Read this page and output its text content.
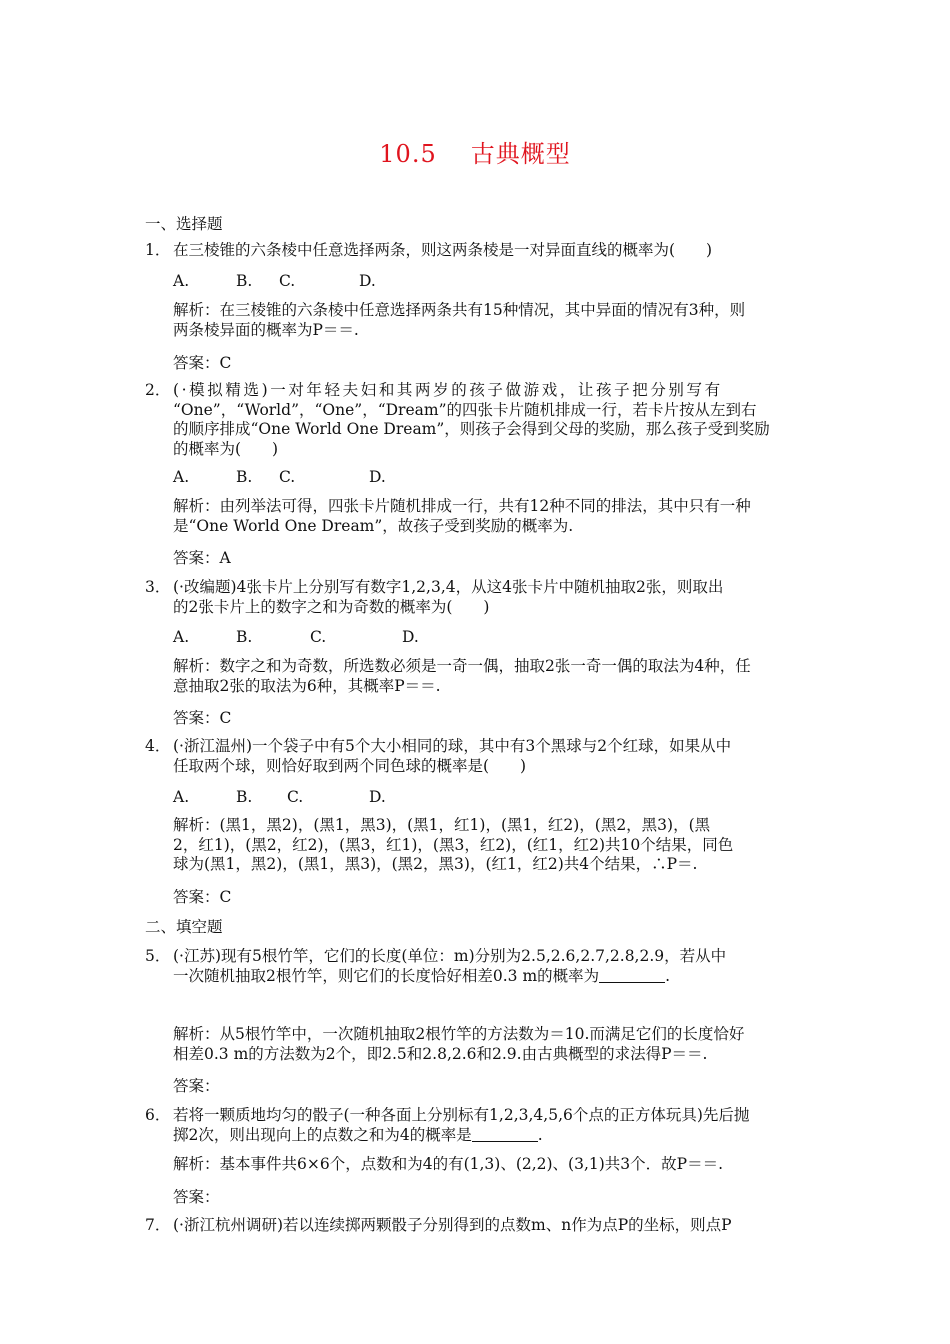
10.5 古典概型
一、选择题
1． 在三棱锥的六条棱中任意选择两条，则这两条棱是一对异面直线的概率为(　　)
A.	B. C.	D.
解析：在三棱锥的六条棱中任意选择两条共有15种情况，其中异面的情况有3种，则
两条棱异面的概率为P＝＝.
答案：C
2． (·模拟精选)一对年轻夫妇和其两岁的孩子做游戏，让孩子把分别写有
“One”，“World”，“One”，“Dream”的四张卡片随机排成一行，若卡片按从左到右
的顺序排成“One World One Dream”，则孩子会得到父母的奖励，那么孩子受到奖励
的概率为(　　)
A.	B. C.	D.
解析：由列举法可得，四张卡片随机排成一行，共有12种不同的排法，其中只有一种
是“One World One Dream”，故孩子受到奖励的概率为.
答案：A
3． (·改编题)4张卡片上分别写有数字1,2,3,4，从这4张卡片中随机抽取2张，则取出
的2张卡片上的数字之和为奇数的概率为(　　)
A.	B.	C.	D.
解析：数字之和为奇数，所选数必须是一奇一偶，抽取2张一奇一偶的取法为4种，任
意抽取2张的取法为6种，其概率P＝＝.
答案：C
4． (·浙江温州)一个袋子中有5个大小相同的球，其中有3个黑球与2个红球，如果从中
任取两个球，则恰好取到两个同色球的概率是(　　)
A.	B. C.	D.
解析：(黑1，黑2)，(黑1，黑3)，(黑1，红1)，(黑1，红2)，(黑2，黑3)，(黑
2，红1)，(黑2，红2)，(黑3，红1)，(黑3，红2)，(红1，红2)共10个结果，同色
球为(黑1，黑2)，(黑1，黑3)，(黑2，黑3)，(红1，红2)共4个结果，∴P＝.
答案：C
二、填空题
5． (·江苏)现有5根竹竿，它们的长度(单位：m)分别为2.5,2.6,2.7,2.8,2.9，若从中
一次随机抽取2根竹竿，则它们的长度恰好相差0.3 m的概率为	.
解析：从5根竹竿中，一次随机抽取2根竹竿的方法数为＝10.而满足它们的长度恰好
相差0.3 m的方法数为2个，即2.5和2.8,2.6和2.9.由古典概型的求法得P＝＝.
答案：
6． 若将一颗质地均匀的骰子(一种各面上分别标有1,2,3,4,5,6个点的正方体玩具)先后抛
掷2次，则出现向上的点数之和为4的概率是	.
解析：基本事件共6×6个，点数和为4的有(1,3)、(2,2)、(3,1)共3个．故P＝＝.
答案：
7． (·浙江杭州调研)若以连续掷两颗骰子分别得到的点数m、n作为点P的坐标，则点P
